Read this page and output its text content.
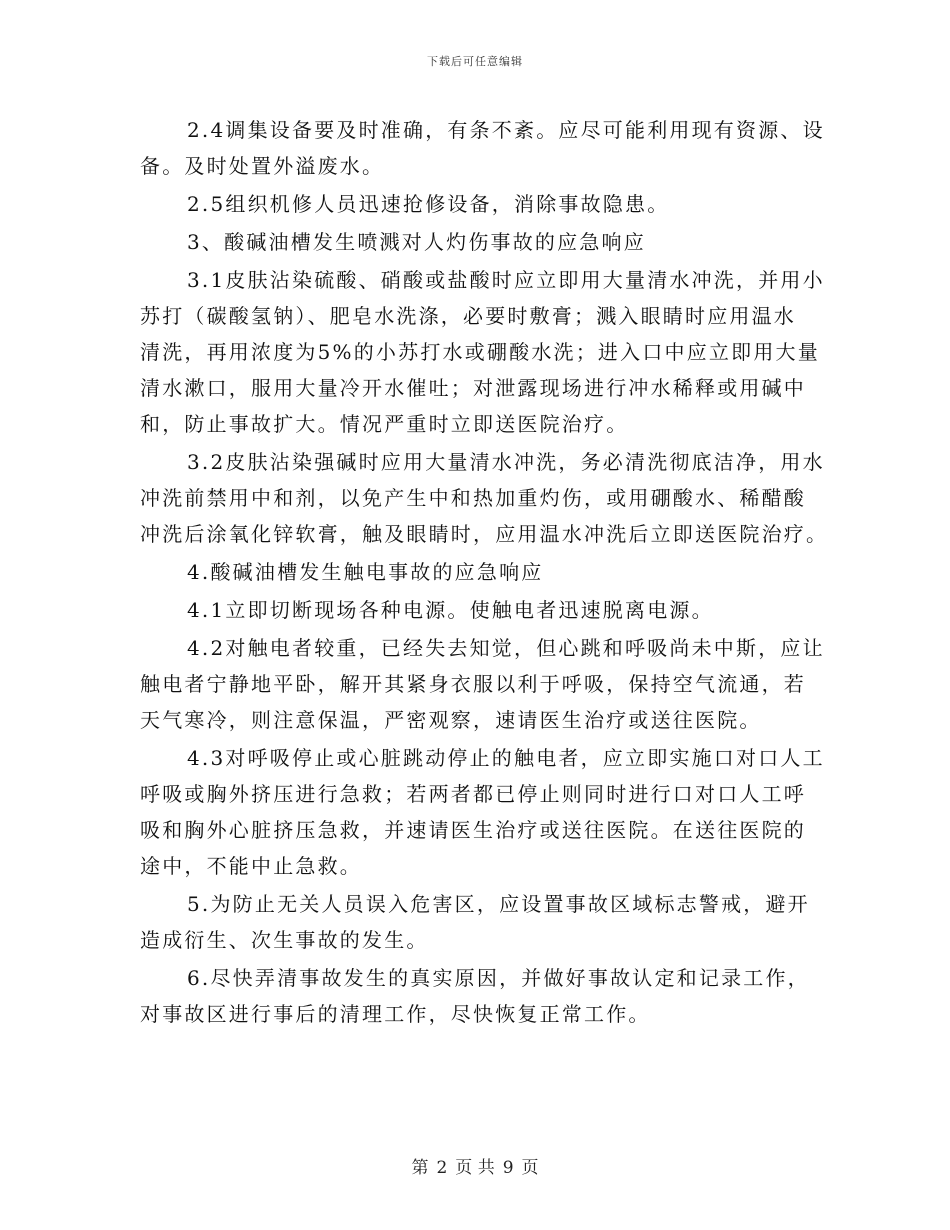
下载后可任意编辑
2.4调集设备要及时准确，有条不紊。应尽可能利用现有资源、设
备。及时处置外溢废水。
2.5组织机修人员迅速抢修设备，消除事故隐患。
3、酸碱油槽发生喷溅对人灼伤事故的应急响应
3.1皮肤沾染硫酸、硝酸或盐酸时应立即用大量清水冲洗，并用小
苏打（碳酸氢钠）、肥皂水洗涤，必要时敷膏；溅入眼睛时应用温水
清洗，再用浓度为5%的小苏打水或硼酸水洗；进入口中应立即用大量
清水漱口，服用大量冷开水催吐；对泄露现场进行冲水稀释或用碱中
和，防止事故扩大。情况严重时立即送医院治疗。
3.2皮肤沾染强碱时应用大量清水冲洗，务必清洗彻底洁净，用水
冲洗前禁用中和剂，以免产生中和热加重灼伤，或用硼酸水、稀醋酸
冲洗后涂氧化锌软膏，触及眼睛时，应用温水冲洗后立即送医院治疗。
4.酸碱油槽发生触电事故的应急响应
4.1立即切断现场各种电源。使触电者迅速脱离电源。
4.2对触电者较重，已经失去知觉，但心跳和呼吸尚未中斯，应让
触电者宁静地平卧，解开其紧身衣服以利于呼吸，保持空气流通，若
天气寒冷，则注意保温，严密观察，速请医生治疗或送往医院。
4.3对呼吸停止或心脏跳动停止的触电者，应立即实施口对口人工
呼吸或胸外挤压进行急救；若两者都已停止则同时进行口对口人工呼
吸和胸外心脏挤压急救，并速请医生治疗或送往医院。在送往医院的
途中，不能中止急救。
5.为防止无关人员误入危害区，应设置事故区域标志警戒，避开
造成衍生、次生事故的发生。
6.尽快弄清事故发生的真实原因，并做好事故认定和记录工作，
对事故区进行事后的清理工作，尽快恢复正常工作。
第 2 页 共 9 页
